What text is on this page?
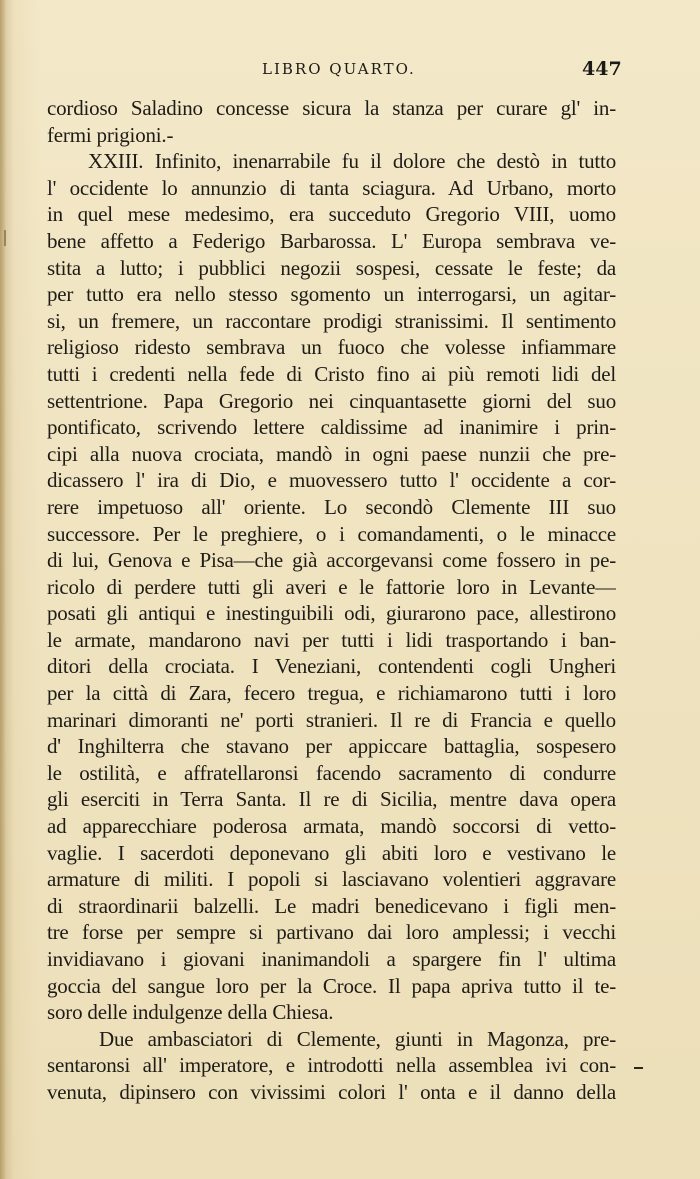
LIBRO QUARTO.	447
cordioso Saladino concesse sicura la stanza per curare gl' in-
fermi prigioni.-
XXIII. Infinito, inenarrabile fu il dolore che destò in tutto
l' occidente lo annunzio di tanta sciagura. Ad Urbano, morto
in quel mese medesimo, era succeduto Gregorio VIII, uomo
bene affetto a Federigo Barbarossa. L' Europa sembrava ve-
stita a lutto; i pubblici negozii sospesi, cessate le feste; da
per tutto era nello stesso sgomento un interrogarsi, un agitar-
si, un fremere, un raccontare prodigi stranissimi. Il sentimento
religioso ridesto sembrava un fuoco che volesse infiammare
tutti i credenti nella fede di Cristo fino ai più remoti lidi del
settentrione. Papa Gregorio nei cinquantasette giorni del suo
pontificato, scrivendo lettere caldissime ad inanimire i prin-
cipi alla nuova crociata, mandò in ogni paese nunzii che pre-
dicassero l' ira di Dio, e muovessero tutto l' occidente a cor-
rere impetuoso all' oriente. Lo secondò Clemente III suo
successore. Per le preghiere, o i comandamenti, o le minacce
di lui, Genova e Pisa—che già accorgevansi come fossero in pe-
ricolo di perdere tutti gli averi e le fattorie loro in Levante—
posati gli antiqui e inestinguibili odi, giurarono pace, allestirono
le armate, mandarono navi per tutti i lidi trasportando i ban-
ditori della crociata. I Veneziani, contendenti cogli Ungheri
per la città di Zara, fecero tregua, e richiamarono tutti i loro
marinari dimoranti ne' porti stranieri. Il re di Francia e quello
d' Inghilterra che stavano per appiccare battaglia, sospesero
le ostilità, e affratellaronsi facendo sacramento di condurre
gli eserciti in Terra Santa. Il re di Sicilia, mentre dava opera
ad apparecchiare poderosa armata, mandò soccorsi di vetto-
vaglie. I sacerdoti deponevano gli abiti loro e vestivano le
armature di militi. I popoli si lasciavano volentieri aggravare
di straordinarii balzelli. Le madri benedicevano i figli men-
tre forse per sempre si partivano dai loro amplessi; i vecchi
invidiavano i giovani inanimandoli a spargere fin l' ultima
goccia del sangue loro per la Croce. Il papa apriva tutto il te-
soro delle indulgenze della Chiesa.
Due ambasciatori di Clemente, giunti in Magonza, pre-
sentaronsi all' imperatore, e introdotti nella assemblea ivi con-
venuta, dipinsero con vivissimi colori l' onta e il danno della
